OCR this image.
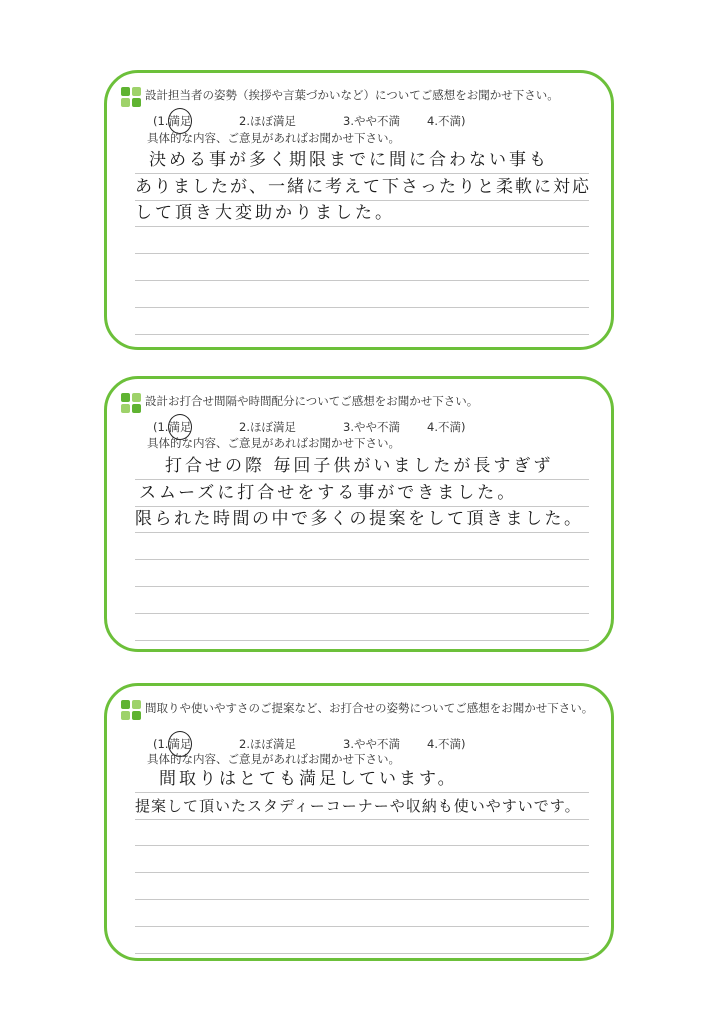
設計担当者の姿勢（挨拶や言葉づかいなど）についてご感想をお聞かせ下さい。
(1.満足	2.ほぼ満足	3.やや不満	4.不満)
具体的な内容、ご意見があればお聞かせ下さい。
決める事が多く期限までに間に合わない事も
ありましたが、一緒に考えて下さったりと柔軟に対応
して頂き大変助かりました。
設計お打合せ間隔や時間配分についてご感想をお聞かせ下さい。
(1.満足	2.ほぼ満足	3.やや不満	4.不満)
具体的な内容、ご意見があればお聞かせ下さい。
打合せの際 毎回子供がいましたが長すぎず
スムーズに打合せをする事ができました。
限られた時間の中で多くの提案をして頂きました。
間取りや使いやすさのご提案など、お打合せの姿勢についてご感想をお聞かせ下さい。
(1.満足	2.ほぼ満足	3.やや不満	4.不満)
具体的な内容、ご意見があればお聞かせ下さい。
間取りはとても満足しています。
提案して頂いたスタディーコーナーや収納も使いやすいです。
